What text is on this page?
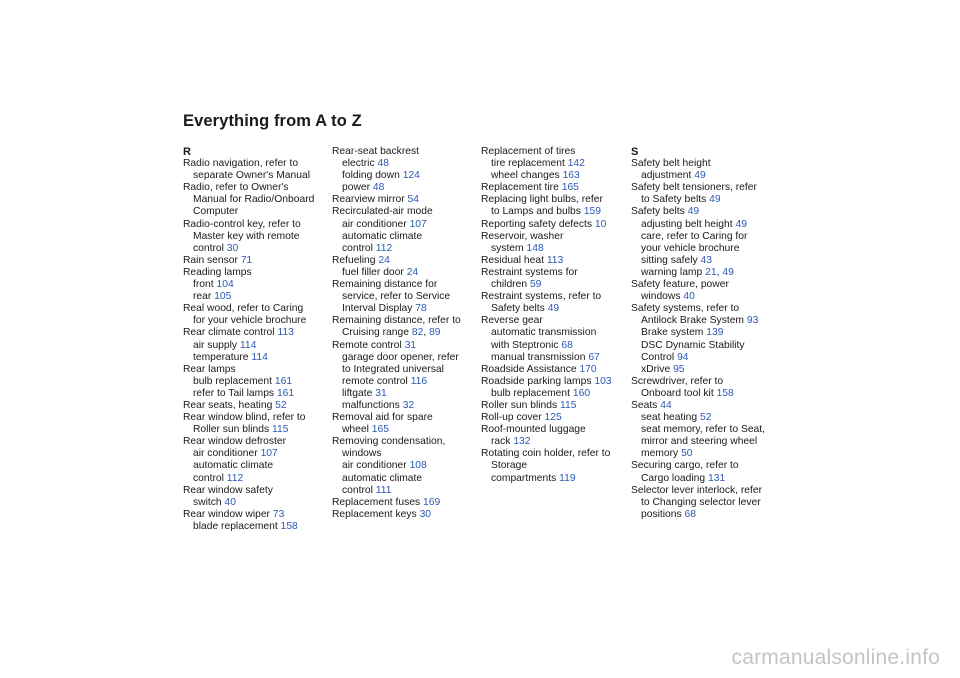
Everything from A to Z
R
Radio navigation, refer to
separate Owner's Manual
Radio, refer to Owner's
Manual for Radio/Onboard
Computer
Radio-control key, refer to
Master key with remote
control 30
Rain sensor 71
Reading lamps
front 104
rear 105
Real wood, refer to Caring
for your vehicle brochure
Rear climate control 113
air supply 114
temperature 114
Rear lamps
bulb replacement 161
refer to Tail lamps 161
Rear seats, heating 52
Rear window blind, refer to
Roller sun blinds 115
Rear window defroster
air conditioner 107
automatic climate
control 112
Rear window safety
switch 40
Rear window wiper 73
blade replacement 158
Rear-seat backrest
electric 48
folding down 124
power 48
Rearview mirror 54
Recirculated-air mode
air conditioner 107
automatic climate
control 112
Refueling 24
fuel filler door 24
Remaining distance for
service, refer to Service
Interval Display 78
Remaining distance, refer to
Cruising range 82, 89
Remote control 31
garage door opener, refer
to Integrated universal
remote control 116
liftgate 31
malfunctions 32
Removal aid for spare
wheel 165
Removing condensation,
windows
air conditioner 108
automatic climate
control 111
Replacement fuses 169
Replacement keys 30
Replacement of tires
tire replacement 142
wheel changes 163
Replacement tire 165
Replacing light bulbs, refer
to Lamps and bulbs 159
Reporting safety defects 10
Reservoir, washer
system 148
Residual heat 113
Restraint systems for
children 59
Restraint systems, refer to
Safety belts 49
Reverse gear
automatic transmission
with Steptronic 68
manual transmission 67
Roadside Assistance 170
Roadside parking lamps 103
bulb replacement 160
Roller sun blinds 115
Roll-up cover 125
Roof-mounted luggage
rack 132
Rotating coin holder, refer to
Storage
compartments 119
S
Safety belt height
adjustment 49
Safety belt tensioners, refer
to Safety belts 49
Safety belts 49
adjusting belt height 49
care, refer to Caring for
your vehicle brochure
sitting safely 43
warning lamp 21, 49
Safety feature, power
windows 40
Safety systems, refer to
Antilock Brake System 93
Brake system 139
DSC Dynamic Stability
Control 94
xDrive 95
Screwdriver, refer to
Onboard tool kit 158
Seats 44
seat heating 52
seat memory, refer to Seat,
mirror and steering wheel
memory 50
Securing cargo, refer to
Cargo loading 131
Selector lever interlock, refer
to Changing selector lever
positions 68
carmanualsonline.info
